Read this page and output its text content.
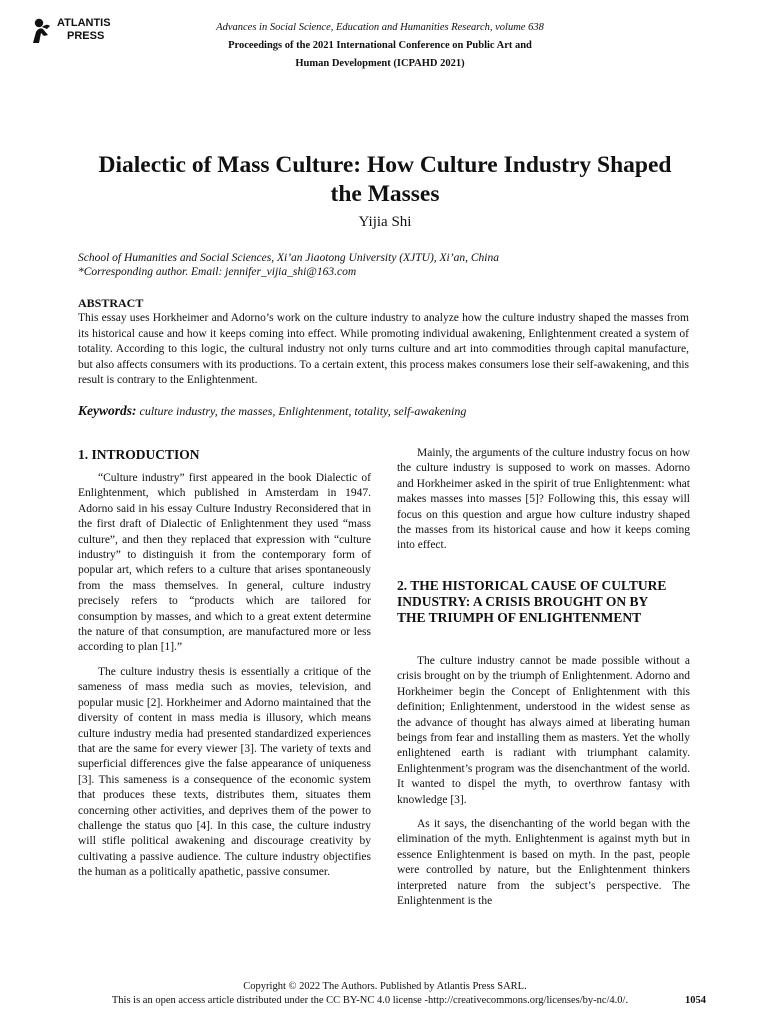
ATLANTIS
PRESS
Advances in Social Science, Education and Humanities Research, volume 638
Proceedings of the 2021 International Conference on Public Art and
Human Development (ICPAHD 2021)
Dialectic of Mass Culture: How Culture Industry Shaped the Masses
Yijia Shi
School of Humanities and Social Sciences, Xi’an Jiaotong University (XJTU), Xi’an, China
*Corresponding author. Email: jennifer_vijia_shi@163.com
ABSTRACT

This essay uses Horkheimer and Adorno’s work on the culture industry to analyze how the culture industry shaped the masses from its historical cause and how it keeps coming into effect. While promoting individual awakening, Enlightenment created a system of totality. According to this logic, the cultural industry not only turns culture and art into commodities through capital manufacture, but also affects consumers with its productions. To a certain extent, this process makes consumers lose their self-awakening, and this result is contrary to the Enlightenment.

Keywords: culture industry, the masses, Enlightenment, totality, self-awakening
1. INTRODUCTION

“Culture industry” first appeared in the book Dialectic of Enlightenment, which published in Amsterdam in 1947. Adorno said in his essay Culture Industry Reconsidered that in the first draft of Dialectic of Enlightenment they used “mass culture”, and then they replaced that expression with “culture industry” to distinguish it from the contemporary form of popular art, which refers to a culture that arises spontaneously from the mass themselves. In general, culture industry precisely refers to “products which are tailored for consumption by masses, and which to a great extent determine the nature of that consumption, are manufactured more or less according to plan [1].”

The culture industry thesis is essentially a critique of the sameness of mass media such as movies, television, and popular music [2]. Horkheimer and Adorno maintained that the diversity of content in mass media is illusory, which means culture industry media had presented standardized experiences that are the same for every viewer [3]. The variety of texts and superficial differences give the false appearance of uniqueness [3]. This sameness is a consequence of the economic system that produces these texts, distributes them, situates them concerning other activities, and deprives them of the power to challenge the status quo [4]. In this case, the culture industry will stifle political awakening and discourage creativity by cultivating a passive audience. The culture industry objectifies the human as a politically apathetic, passive consumer.

Mainly, the arguments of the culture industry focus on how the culture industry is supposed to work on masses. Adorno and Horkheimer asked in the spirit of true Enlightenment: what makes masses into masses [5]? Following this, this essay will focus on this question and argue how culture industry shaped the masses from its historical cause and how it keeps coming into effect.

2. THE HISTORICAL CAUSE OF CULTURE INDUSTRY: A CRISIS BROUGHT ON BY THE TRIUMPH OF ENLIGHTENMENT

The culture industry cannot be made possible without a crisis brought on by the triumph of Enlightenment. Adorno and Horkheimer begin the Concept of Enlightenment with this definition; Enlightenment, understood in the widest sense as the advance of thought has always aimed at liberating human beings from fear and installing them as masters. Yet the wholly enlightened earth is radiant with triumphant calamity. Enlightenment’s program was the disenchantment of the world. It wanted to dispel the myth, to overthrow fantasy with knowledge [3].

As it says, the disenchanting of the world began with the elimination of the myth. Enlightenment is against myth but in essence Enlightenment is based on myth. In the past, people were controlled by nature, but the Enlightenment thinkers interpreted nature from the subject’s perspective. The Enlightenment is the

Copyright © 2022 The Authors. Published by Atlantis Press SARL.
This is an open access article distributed under the CC BY-NC 4.0 license -http://creativecommons.org/licenses/by-nc/4.0/.	1054
